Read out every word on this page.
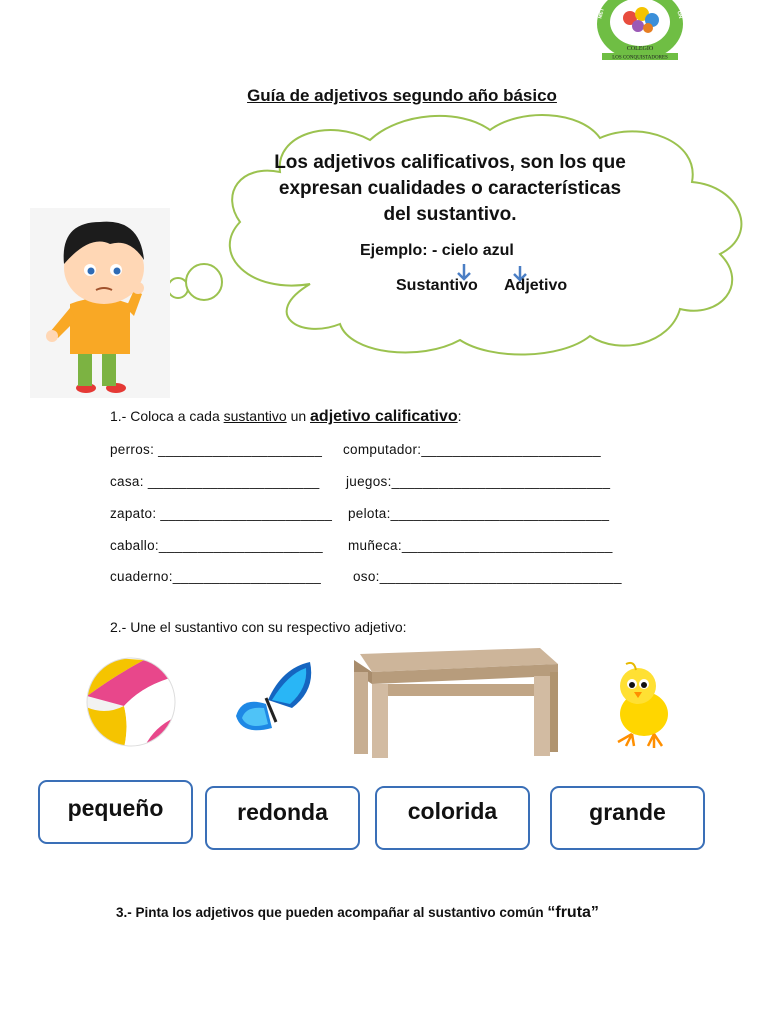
MÉT	ÓN
COLEGIO
LOS CONQUISTADORES
Guía de adjetivos segundo año básico
Los adjetivos calificativos, son los que expresan cualidades o características del sustantivo.
Ejemplo: - cielo azul
Sustantivo Adjetivo
1.- Coloca a cada sustantivo un adjetivo calificativo:
perros: _____________________ computador:_______________________
casa: ______________________ juegos:____________________________
zapato: ______________________ pelota:____________________________
caballo:_____________________ muñeca:___________________________
cuaderno:___________________ oso:_______________________________
2.- Une el sustantivo con su respectivo adjetivo:
pequeño	redonda	colorida	grande
3.- Pinta los adjetivos que pueden acompañar al sustantivo común “fruta”
